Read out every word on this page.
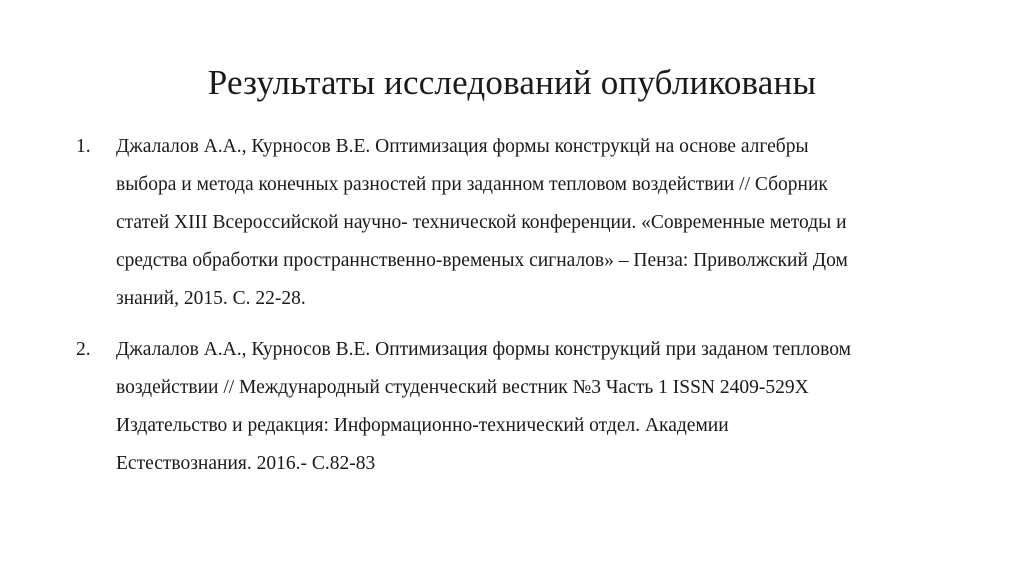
Результаты исследований опубликованы
1. Джалалов А.А., Курносов В.Е. Оптимизация формы конструкцй на основе алгебры
выбора и метода конечных разностей при заданном тепловом воздействии // Сборник
статей XIII Всероссийской научно- технической конференции. «Современные методы и
средства обработки пространнственно-временых сигналов» – Пенза: Приволжский Дом
знаний, 2015. С. 22-28.
2. Джалалов А.А., Курносов В.Е. Оптимизация формы конструкций при заданом тепловом
воздействии // Международный студенческий вестник №3 Часть 1 ISSN 2409-529X
Издательство и редакция: Информационно-технический отдел. Академии
Естествознания. 2016.- С.82-83
